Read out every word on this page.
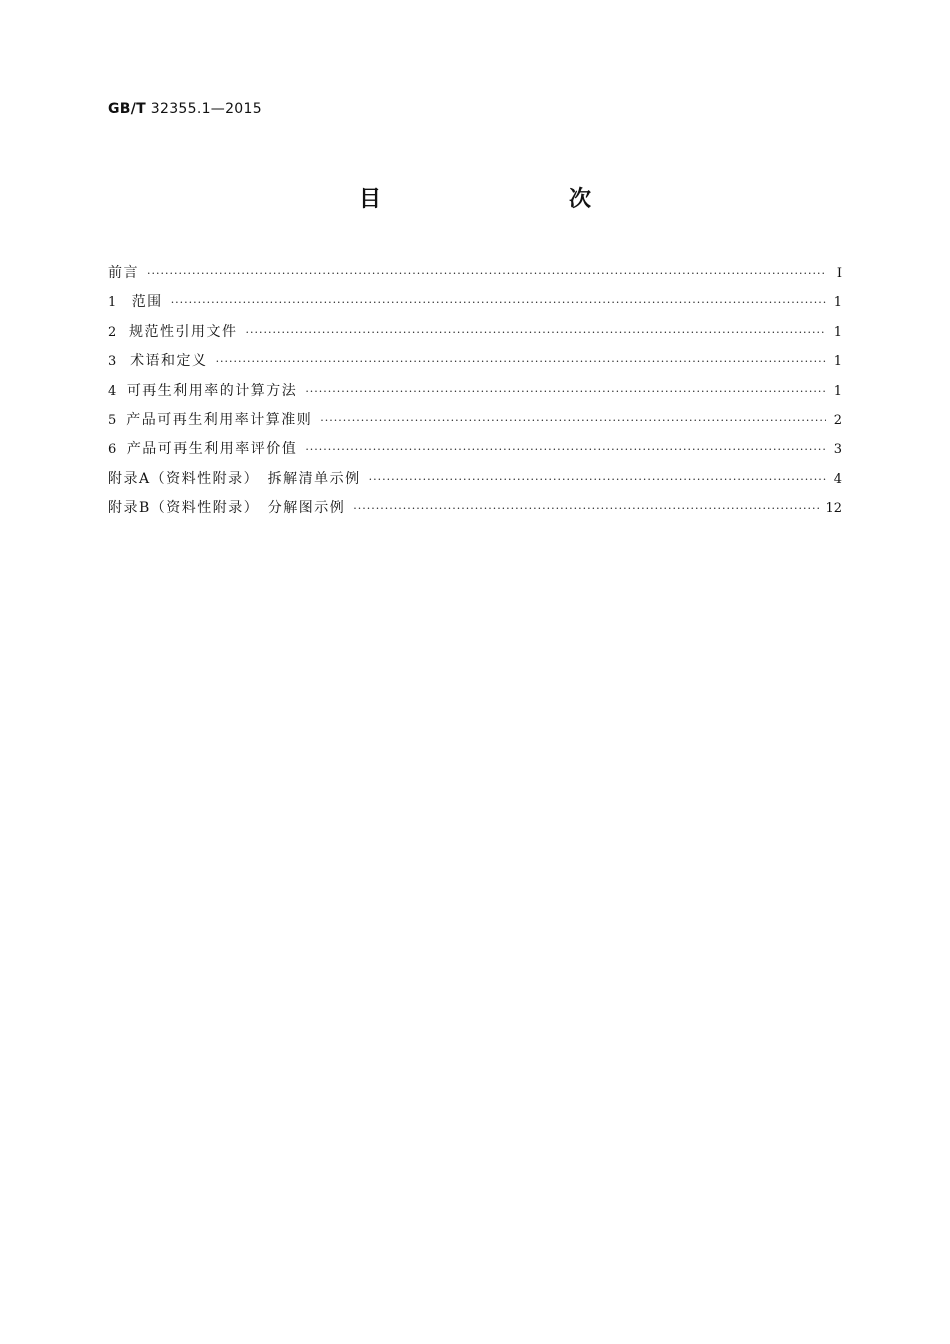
GB/T 32355.1—2015
目　　次
前言 ·····	Ⅰ
1	范围 ·····	1
2 规范性引用文件 ·····	1
3 术语和定义 ·····	1
4 可再生利用率的计算方法 ·····	1
5 产品可再生利用率计算准则 ·····	2
6 产品可再生利用率评价值 ·····	3
附录A（资料性附录）　拆解清单示例 ·····	4
附录B（资料性附录）　分解图示例 ·····	12
